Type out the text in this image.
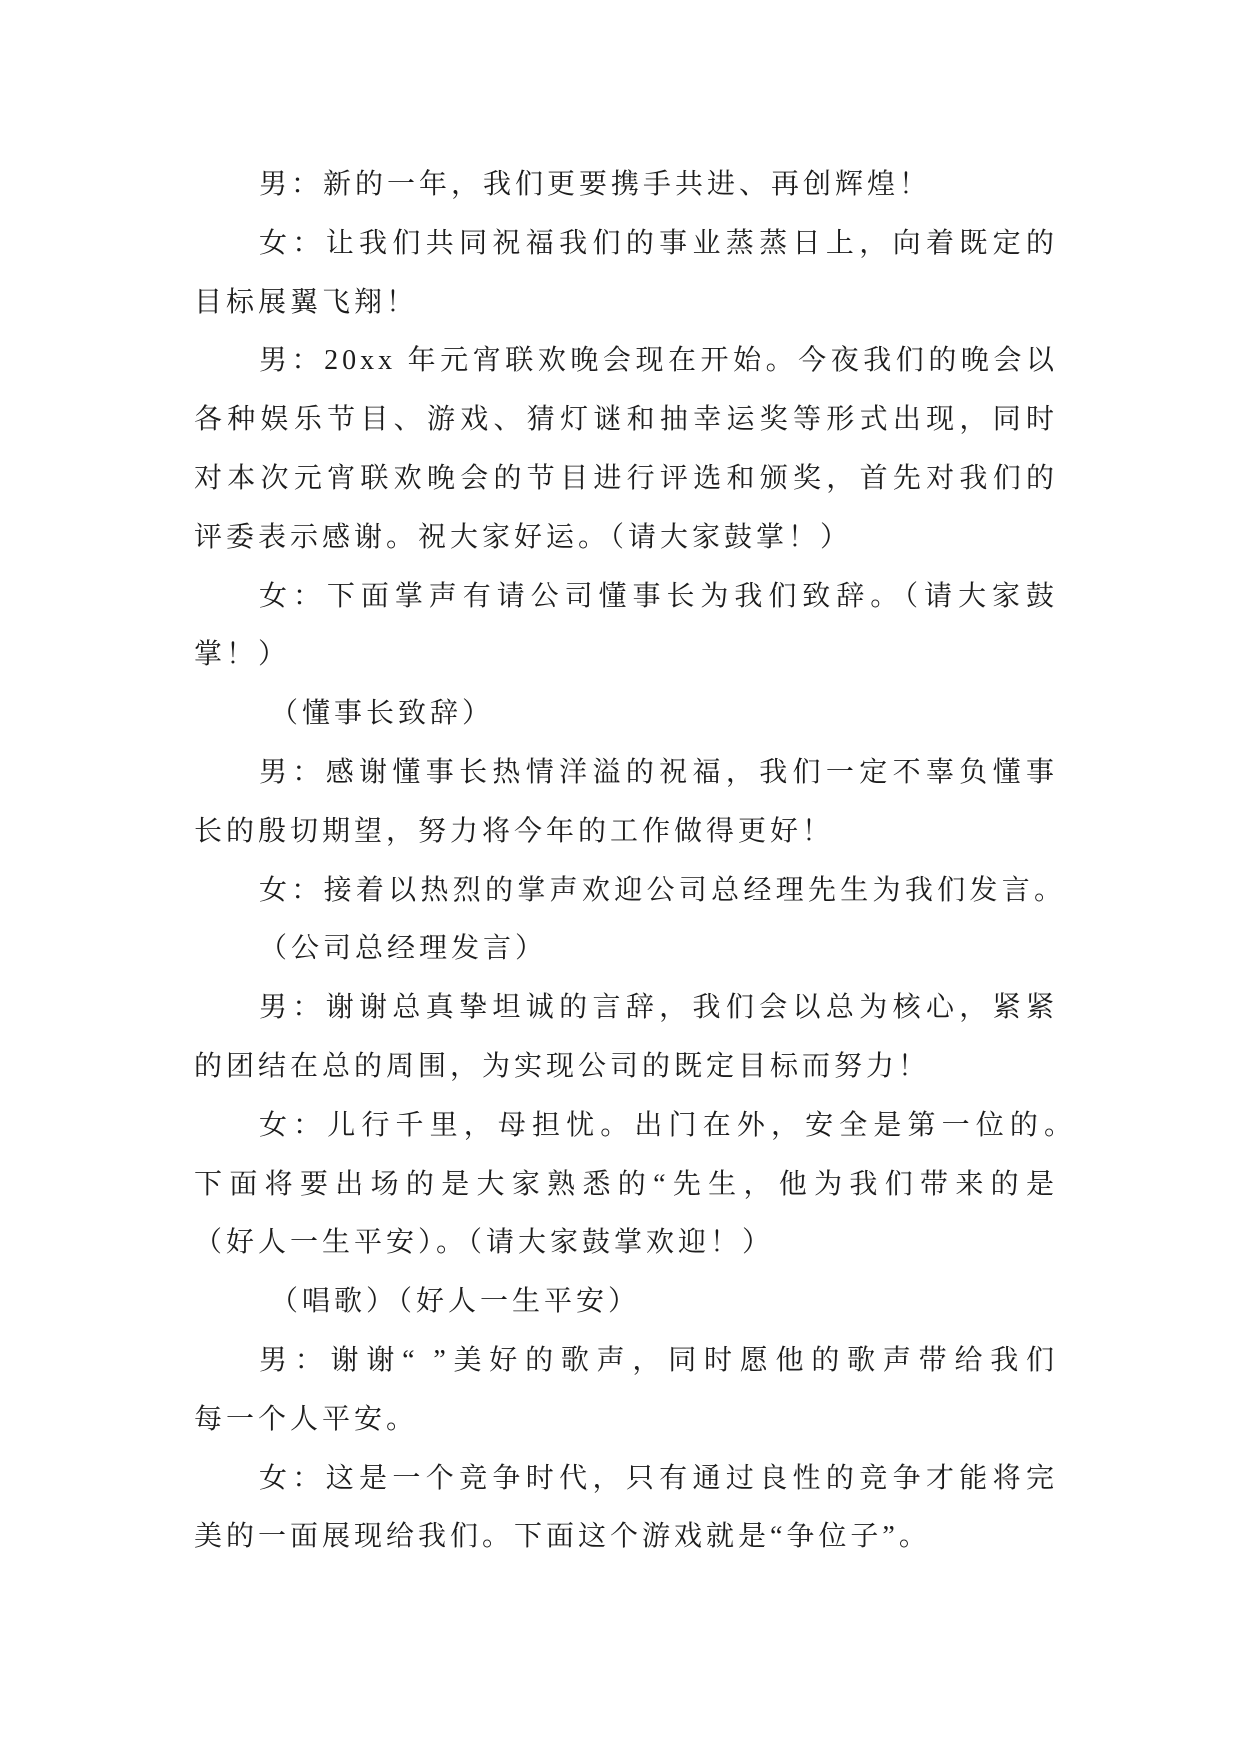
男：新的一年，我们更要携手共进、再创辉煌！
女：让我们共同祝福我们的事业蒸蒸日上，向着既定的
目标展翼飞翔！
男：20xx 年元宵联欢晚会现在开始。今夜我们的晚会以
各种娱乐节目、游戏、猜灯谜和抽幸运奖等形式出现，同时
对本次元宵联欢晚会的节目进行评选和颁奖，首先对我们的
评委表示感谢。祝大家好运。（请大家鼓掌！）
女：下面掌声有请公司懂事长为我们致辞。（请大家鼓
掌！）
（懂事长致辞）
男：感谢懂事长热情洋溢的祝福，我们一定不辜负懂事
长的殷切期望，努力将今年的工作做得更好！
女：接着以热烈的掌声欢迎公司总经理先生为我们发言。
（公司总经理发言）
男：谢谢总真挚坦诚的言辞，我们会以总为核心，紧紧
的团结在总的周围，为实现公司的既定目标而努力！
女：儿行千里，母担忧。出门在外，安全是第一位的。
下面将要出场的是大家熟悉的“先生，他为我们带来的是
（好人一生平安）。（请大家鼓掌欢迎！）
（唱歌）（好人一生平安）
男：谢谢“ ”美好的歌声，同时愿他的歌声带给我们
每一个人平安。
女：这是一个竞争时代，只有通过良性的竞争才能将完
美的一面展现给我们。下面这个游戏就是“争位子”。
